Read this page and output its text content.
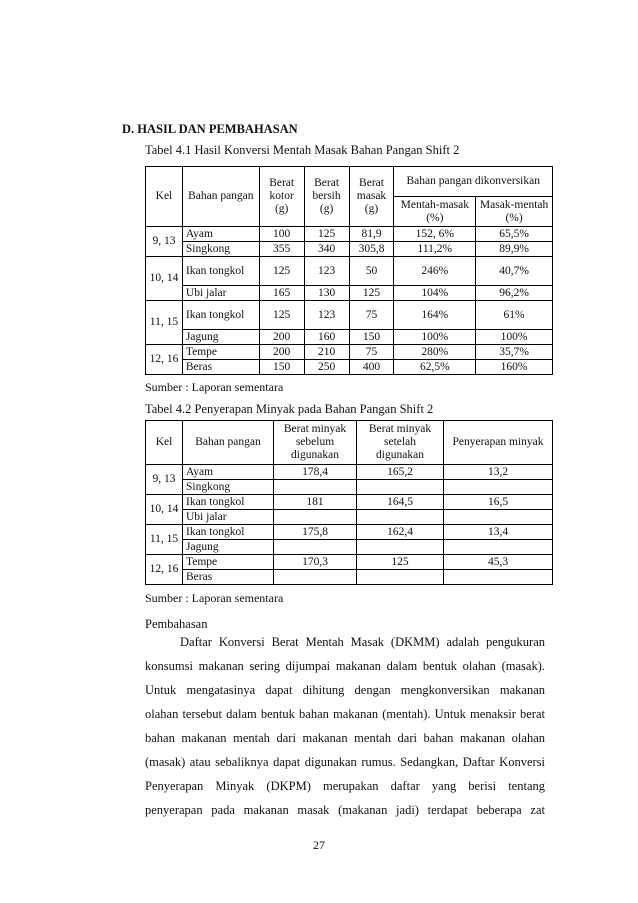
D. HASIL DAN PEMBAHASAN
Tabel 4.1 Hasil Konversi Mentah Masak Bahan Pangan Shift 2
Kel	Bahan pangan	Berat kotor (g)	Berat bersih (g)	Berat masak (g)	Bahan pangan dikonversikan	
					Mentah-masak (%)	Masak-mentah (%)
9, 13	Ayam	100	125	81,9	152, 6%	65,5%
	Singkong	355	340	305,8	111,2%	89,9%
10, 14	Ikan tongkol	125	123	50	246%	40,7%
	Ubi jalar	165	130	125	104%	96,2%
11, 15	Ikan tongkol	125	123	75	164%	61%
	Jagung	200	160	150	100%	100%
12, 16	Tempe	200	210	75	280%	35,7%
	Beras	150	250	400	62,5%	160%
Sumber : Laporan sementara
Tabel 4.2 Penyerapan Minyak pada Bahan Pangan Shift 2
Kel	Bahan pangan	Berat minyak sebelum digunakan	Berat minyak setelah digunakan	Penyerapan minyak
9, 13	Ayam	178,4	165,2	13,2
	Singkong			
10, 14	Ikan tongkol	181	164,5	16,5
	Ubi jalar			
11, 15	Ikan tongkol	175,8	162,4	13,4
	Jagung			
12, 16	Tempe	170,3	125	45,3
	Beras			
Sumber : Laporan sementara
Pembahasan
Daftar Konversi Berat Mentah Masak (DKMM) adalah pengukuran
konsumsi makanan sering dijumpai makanan dalam bentuk olahan (masak).
Untuk mengatasinya dapat dihitung dengan mengkonversikan makanan
olahan tersebut dalam bentuk bahan makanan (mentah). Untuk menaksir berat
bahan makanan mentah dari makanan mentah dari bahan makanan olahan
(masak) atau sebaliknya dapat digunakan rumus. Sedangkan, Daftar Konversi
Penyerapan Minyak (DKPM) merupakan daftar yang berisi tentang
penyerapan pada makanan masak (makanan jadi) terdapat beberapa zat
27
